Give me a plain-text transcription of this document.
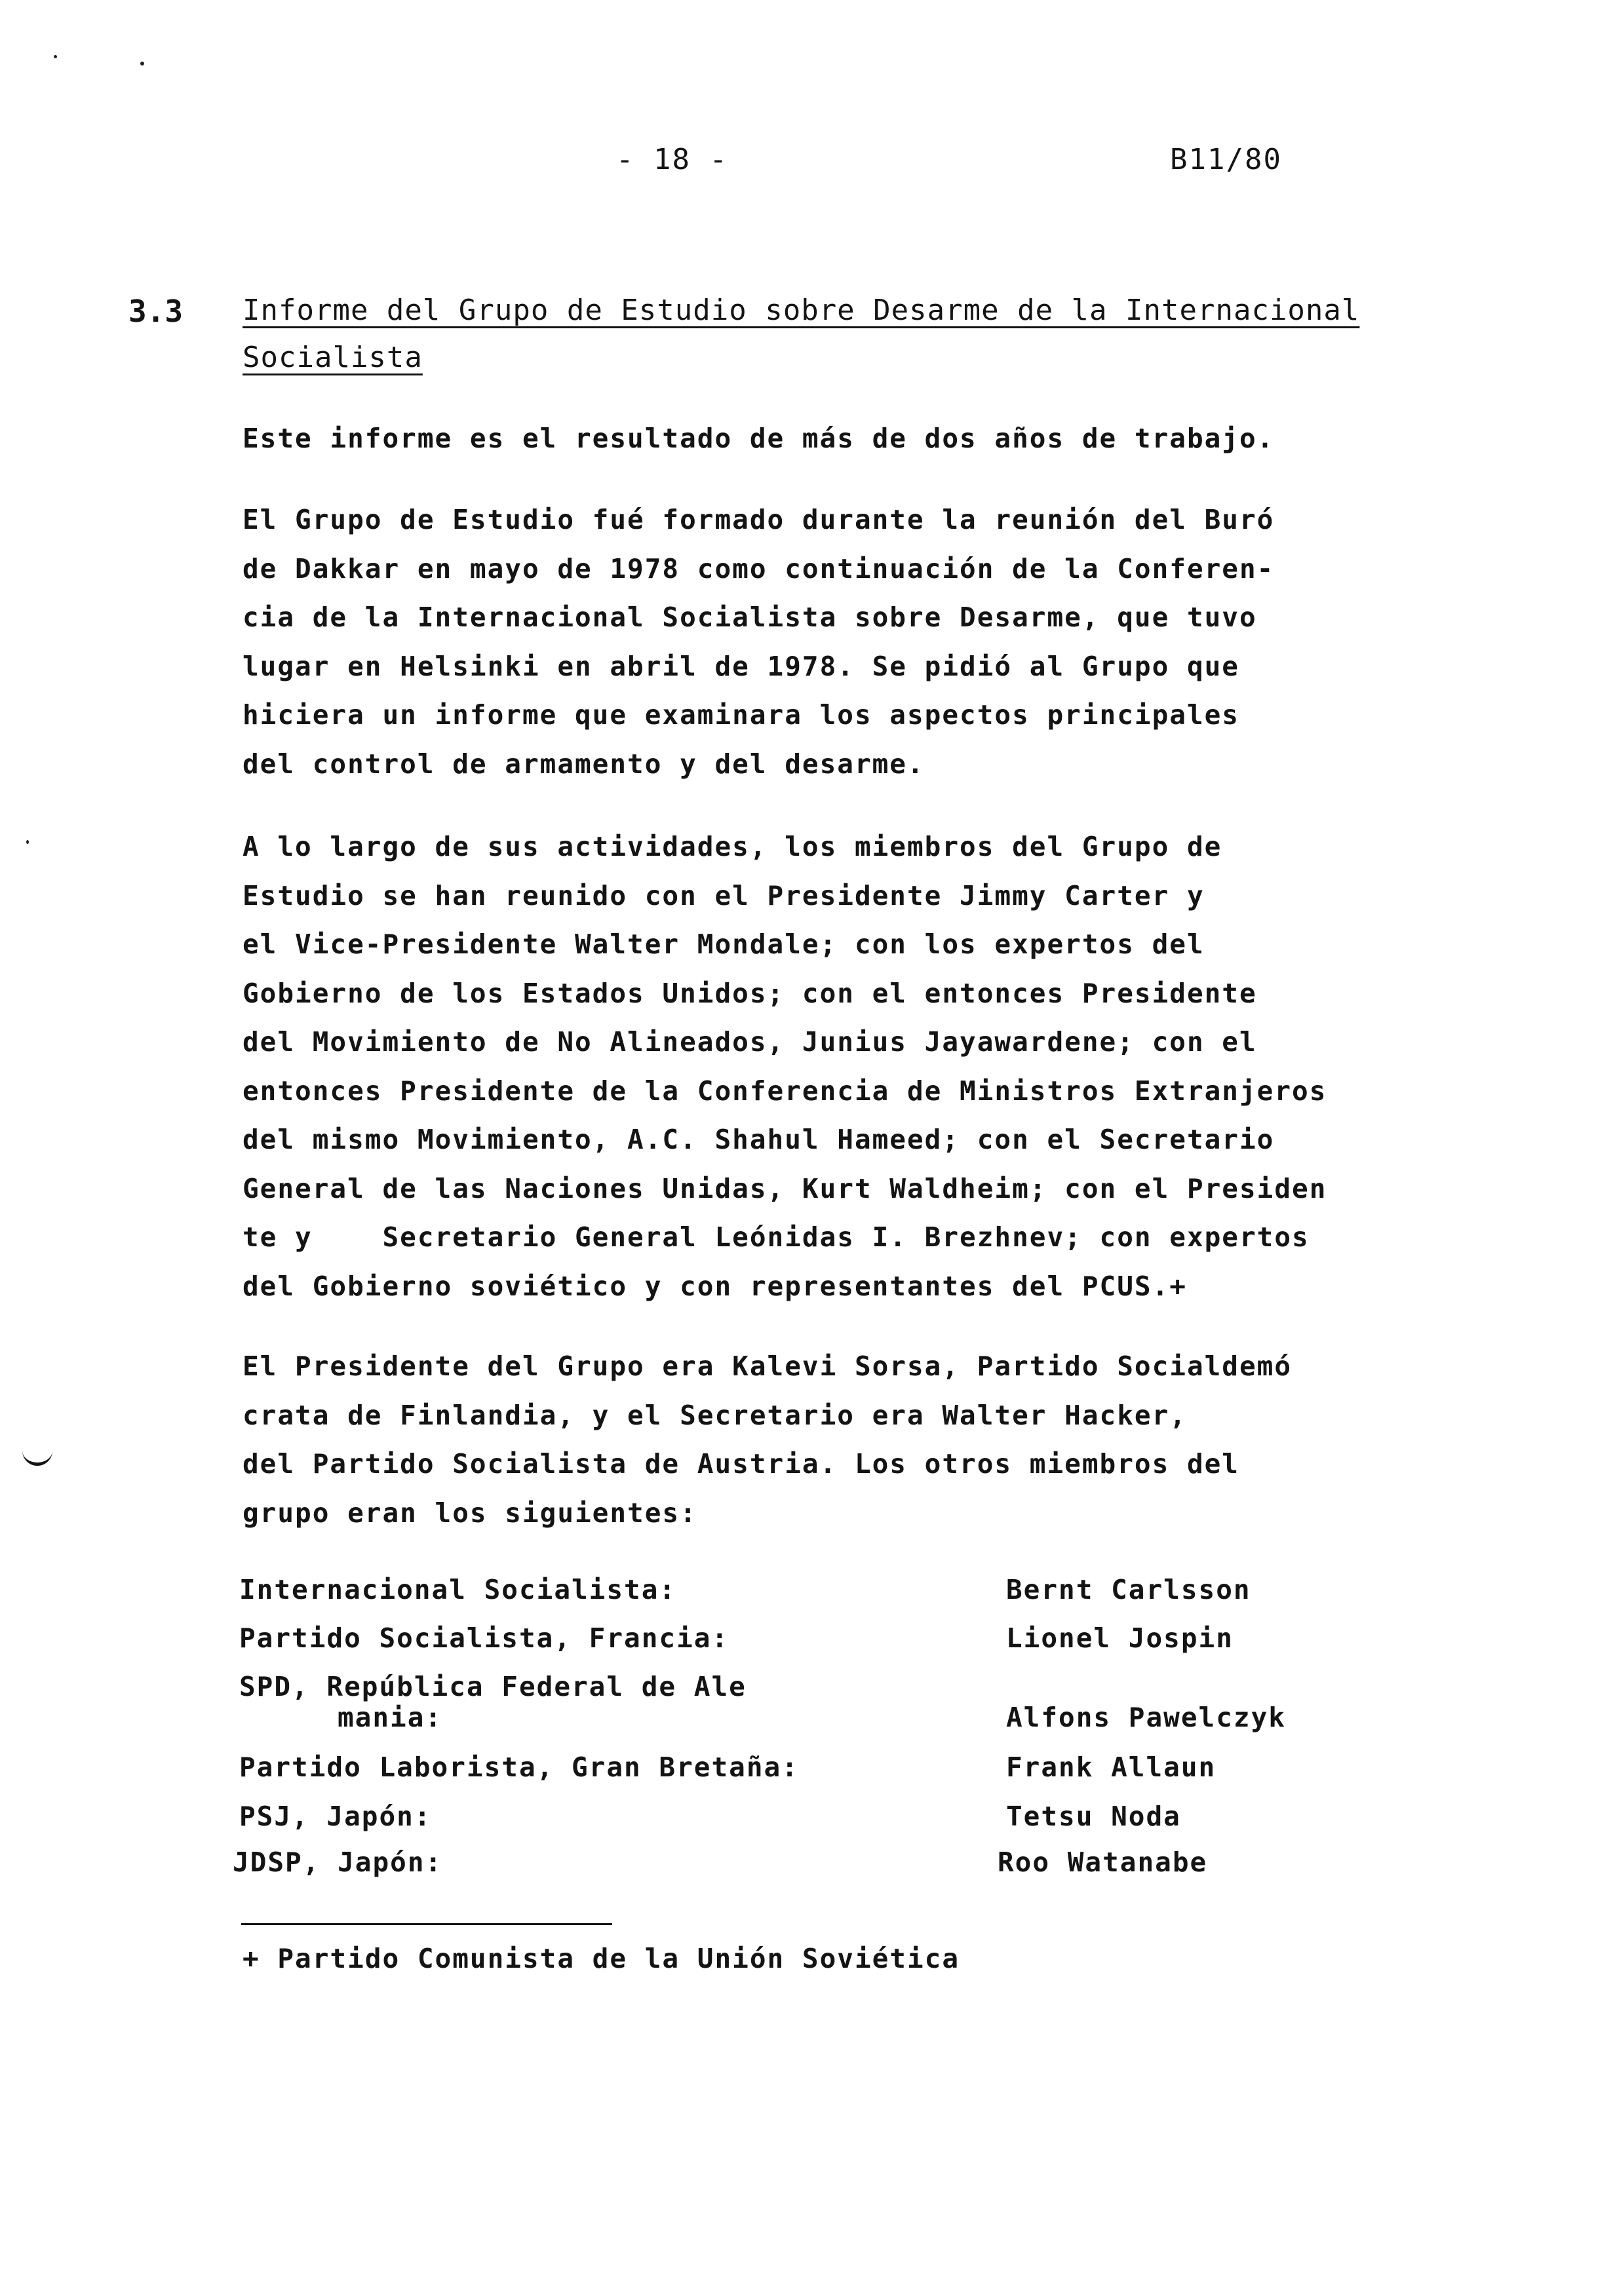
- 18 -	B11/80
3.3 Informe del Grupo de Estudio sobre Desarme de la Internacional
Socialista
Este informe es el resultado de más de dos años de trabajo.
El Grupo de Estudio fué formado durante la reunión del Buró
de Dakkar en mayo de 1978 como continuación de la Conferen-
cia de la Internacional Socialista sobre Desarme, que tuvo
lugar en Helsinki en abril de 1978. Se pidió al Grupo que
hiciera un informe que examinara los aspectos principales
del control de armamento y del desarme.
A lo largo de sus actividades, los miembros del Grupo de
Estudio se han reunido con el Presidente Jimmy Carter y
el Vice-Presidente Walter Mondale; con los expertos del
Gobierno de los Estados Unidos; con el entonces Presidente
del Movimiento de No Alineados, Junius Jayawardene; con el
entonces Presidente de la Conferencia de Ministros Extranjeros
del mismo Movimiento, A.C. Shahul Hameed; con el Secretario
General de las Naciones Unidas, Kurt Waldheim; con el Presiden
te y    Secretario General Leónidas I. Brezhnev; con expertos
del Gobierno soviético y con representantes del PCUS.+
El Presidente del Grupo era Kalevi Sorsa, Partido Socialdemó
crata de Finlandia, y el Secretario era Walter Hacker,
del Partido Socialista de Austria. Los otros miembros del
grupo eran los siguientes:
Internacional Socialista:	Bernt Carlsson
Partido Socialista, Francia:	Lionel Jospin
SPD, República Federal de Ale
mania:	Alfons Pawelczyk
Partido Laborista, Gran Bretaña:	Frank Allaun
PSJ, Japón:	Tetsu Noda
JDSP, Japón:	Roo Watanabe
+ Partido Comunista de la Unión Soviética
